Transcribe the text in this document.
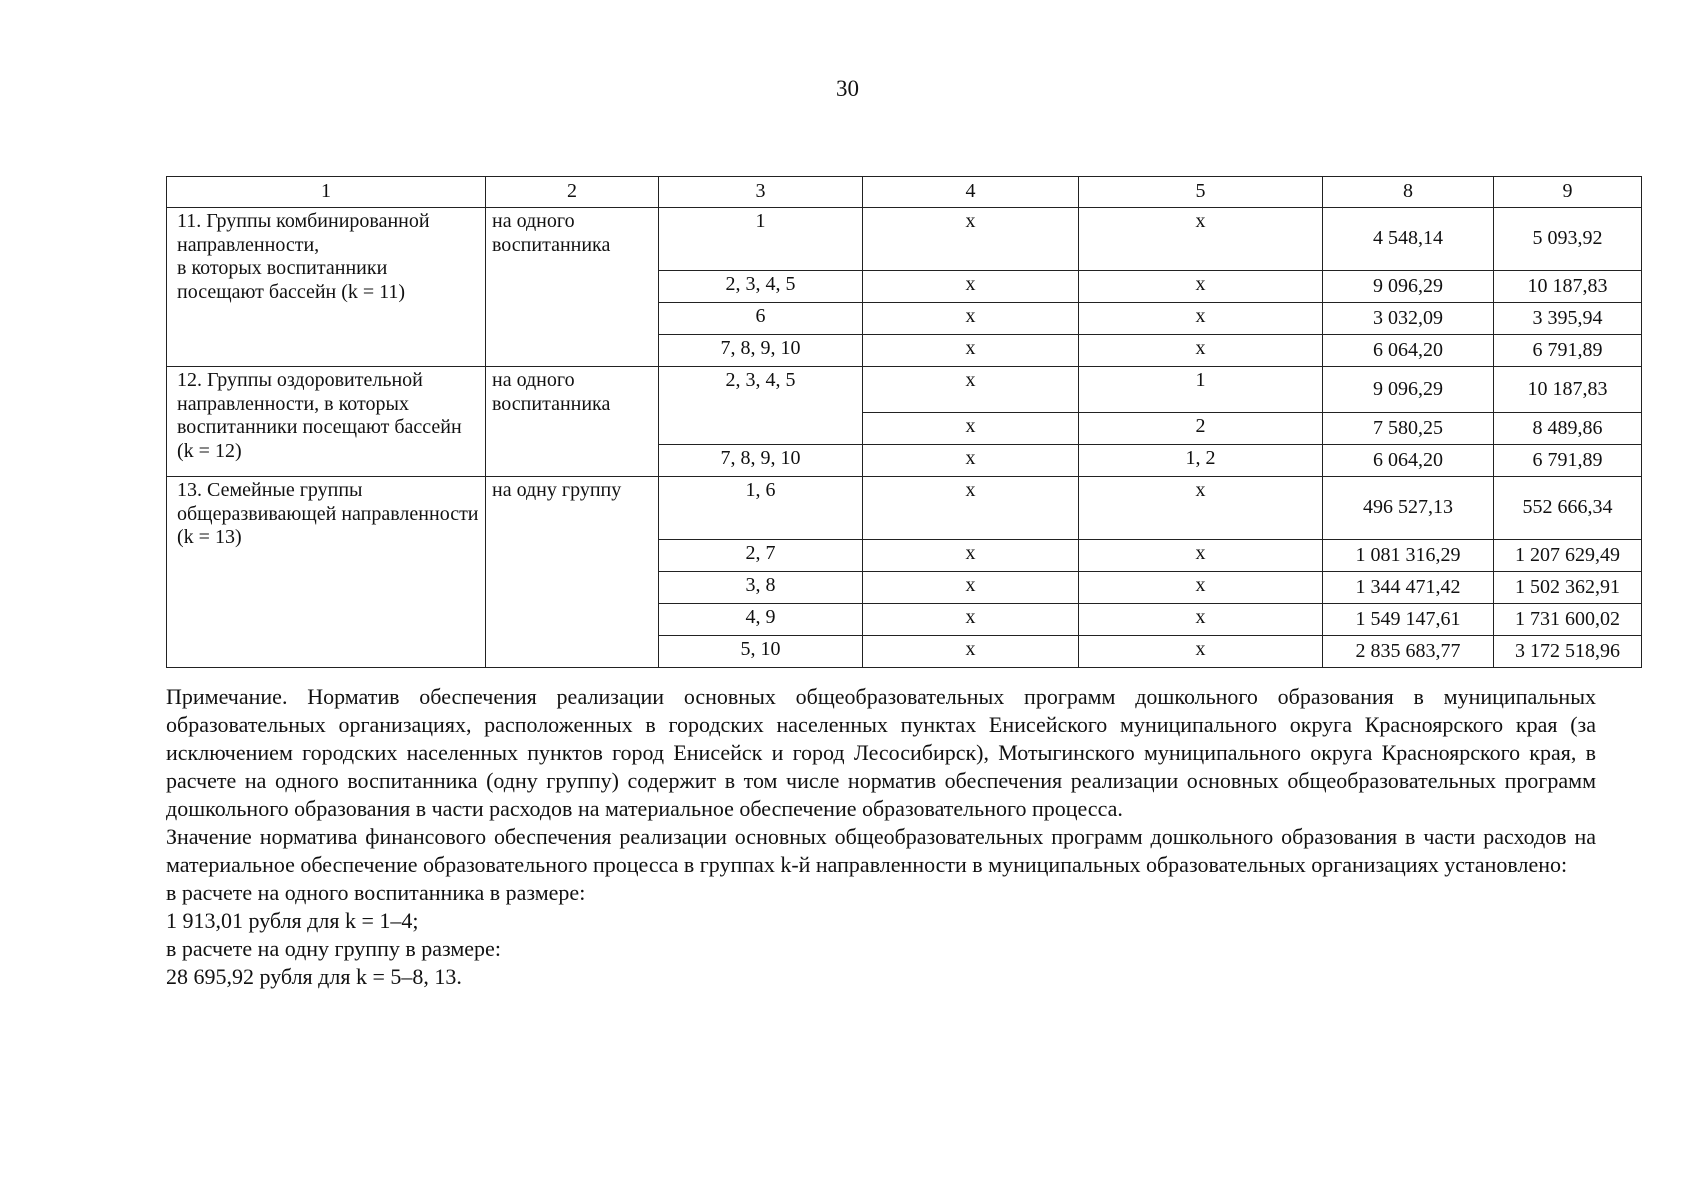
30
1	2	3	4	5	8	9
11. Группы комбинированной направленности,
в которых воспитанники посещают бассейн (k = 11)	на одного воспитанника	1	х	х	4 548,14	5 093,92
		2, 3, 4, 5	х	х	9 096,29	10 187,83
		6	х	х	3 032,09	3 395,94
		7, 8, 9, 10	х	х	6 064,20	6 791,89
12. Группы оздоровительной направленности, в которых воспитанники посещают бассейн (k = 12)	на одного воспитанника	2, 3, 4, 5	х	1	9 096,29	10 187,83
			х	2	7 580,25	8 489,86
		7, 8, 9, 10	х	1, 2	6 064,20	6 791,89
13. Семейные группы общеразвивающей направленности (k = 13)	на одну группу	1, 6	х	х	496 527,13	552 666,34
		2, 7	х	х	1 081 316,29	1 207 629,49
		3, 8	х	х	1 344 471,42	1 502 362,91
		4, 9	х	х	1 549 147,61	1 731 600,02
		5, 10	х	х	2 835 683,77	3 172 518,96

Примечание. Норматив обеспечения реализации основных общеобразовательных программ дошкольного образования в муниципальных образовательных организациях, расположенных в городских населенных пунктах Енисейского муниципального округа Красноярского края (за исключением городских населенных пунктов город Енисейск и город Лесосибирск), Мотыгинского муниципального округа Красноярского края, в расчете на одного воспитанника (одну группу) содержит в том числе норматив обеспечения реализации основных общеобразовательных программ дошкольного образования в части расходов на материальное обеспечение образовательного процесса.

Значение норматива финансового обеспечения реализации основных общеобразовательных программ дошкольного образования в части расходов на материальное обеспечение образовательного процесса в группах k-й направленности в муниципальных образовательных организациях установлено:

в расчете на одного воспитанника в размере:
1 913,01 рубля для k = 1–4;
в расчете на одну группу в размере:
28 695,92 рубля для k = 5–8, 13.
